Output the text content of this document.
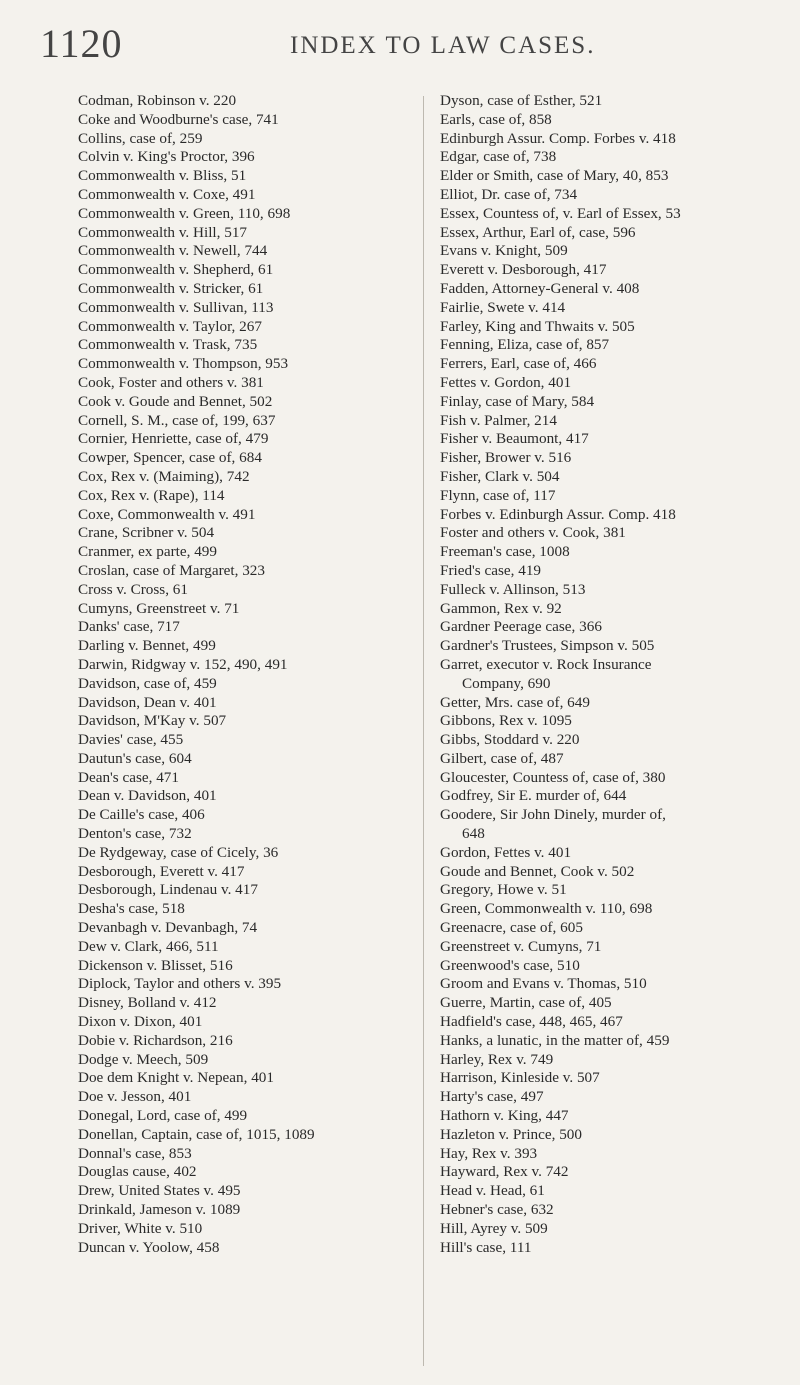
1120	INDEX TO LAW CASES.
Codman, Robinson v. 220
Coke and Woodburne's case, 741
Collins, case of, 259
Colvin v. King's Proctor, 396
Commonwealth v. Bliss, 51
Commonwealth v. Coxe, 491
Commonwealth v. Green, 110, 698
Commonwealth v. Hill, 517
Commonwealth v. Newell, 744
Commonwealth v. Shepherd, 61
Commonwealth v. Stricker, 61
Commonwealth v. Sullivan, 113
Commonwealth v. Taylor, 267
Commonwealth v. Trask, 735
Commonwealth v. Thompson, 953
Cook, Foster and others v. 381
Cook v. Goude and Bennet, 502
Cornell, S. M., case of, 199, 637
Cornier, Henriette, case of, 479
Cowper, Spencer, case of, 684
Cox, Rex v. (Maiming), 742
Cox, Rex v. (Rape), 114
Coxe, Commonwealth v. 491
Crane, Scribner v. 504
Cranmer, ex parte, 499
Croslan, case of Margaret, 323
Cross v. Cross, 61
Cumyns, Greenstreet v. 71
Danks' case, 717
Darling v. Bennet, 499
Darwin, Ridgway v. 152, 490, 491
Davidson, case of, 459
Davidson, Dean v. 401
Davidson, M'Kay v. 507
Davies' case, 455
Dautun's case, 604
Dean's case, 471
Dean v. Davidson, 401
De Caille's case, 406
Denton's case, 732
De Rydgeway, case of Cicely, 36
Desborough, Everett v. 417
Desborough, Lindenau v. 417
Desha's case, 518
Devanbagh v. Devanbagh, 74
Dew v. Clark, 466, 511
Dickenson v. Blisset, 516
Diplock, Taylor and others v. 395
Disney, Bolland v. 412
Dixon v. Dixon, 401
Dobie v. Richardson, 216
Dodge v. Meech, 509
Doe dem Knight v. Nepean, 401
Doe v. Jesson, 401
Donegal, Lord, case of, 499
Donellan, Captain, case of, 1015, 1089
Donnal's case, 853
Douglas cause, 402
Drew, United States v. 495
Drinkald, Jameson v. 1089
Driver, White v. 510
Duncan v. Yoolow, 458
Dyson, case of Esther, 521
Earls, case of, 858
Edinburgh Assur. Comp. Forbes v. 418
Edgar, case of, 738
Elder or Smith, case of Mary, 40, 853
Elliot, Dr. case of, 734
Essex, Countess of, v. Earl of Essex, 53
Essex, Arthur, Earl of, case, 596
Evans v. Knight, 509
Everett v. Desborough, 417
Fadden, Attorney-General v. 408
Fairlie, Swete v. 414
Farley, King and Thwaits v. 505
Fenning, Eliza, case of, 857
Ferrers, Earl, case of, 466
Fettes v. Gordon, 401
Finlay, case of Mary, 584
Fish v. Palmer, 214
Fisher v. Beaumont, 417
Fisher, Brower v. 516
Fisher, Clark v. 504
Flynn, case of, 117
Forbes v. Edinburgh Assur. Comp. 418
Foster and others v. Cook, 381
Freeman's case, 1008
Fried's case, 419
Fulleck v. Allinson, 513
Gammon, Rex v. 92
Gardner Peerage case, 366
Gardner's Trustees, Simpson v. 505
Garret, executor v. Rock Insurance
Company, 690
Getter, Mrs. case of, 649
Gibbons, Rex v. 1095
Gibbs, Stoddard v. 220
Gilbert, case of, 487
Gloucester, Countess of, case of, 380
Godfrey, Sir E. murder of, 644
Goodere, Sir John Dinely, murder of,
648
Gordon, Fettes v. 401
Goude and Bennet, Cook v. 502
Gregory, Howe v. 51
Green, Commonwealth v. 110, 698
Greenacre, case of, 605
Greenstreet v. Cumyns, 71
Greenwood's case, 510
Groom and Evans v. Thomas, 510
Guerre, Martin, case of, 405
Hadfield's case, 448, 465, 467
Hanks, a lunatic, in the matter of, 459
Harley, Rex v. 749
Harrison, Kinleside v. 507
Harty's case, 497
Hathorn v. King, 447
Hazleton v. Prince, 500
Hay, Rex v. 393
Hayward, Rex v. 742
Head v. Head, 61
Hebner's case, 632
Hill, Ayrey v. 509
Hill's case, 111
